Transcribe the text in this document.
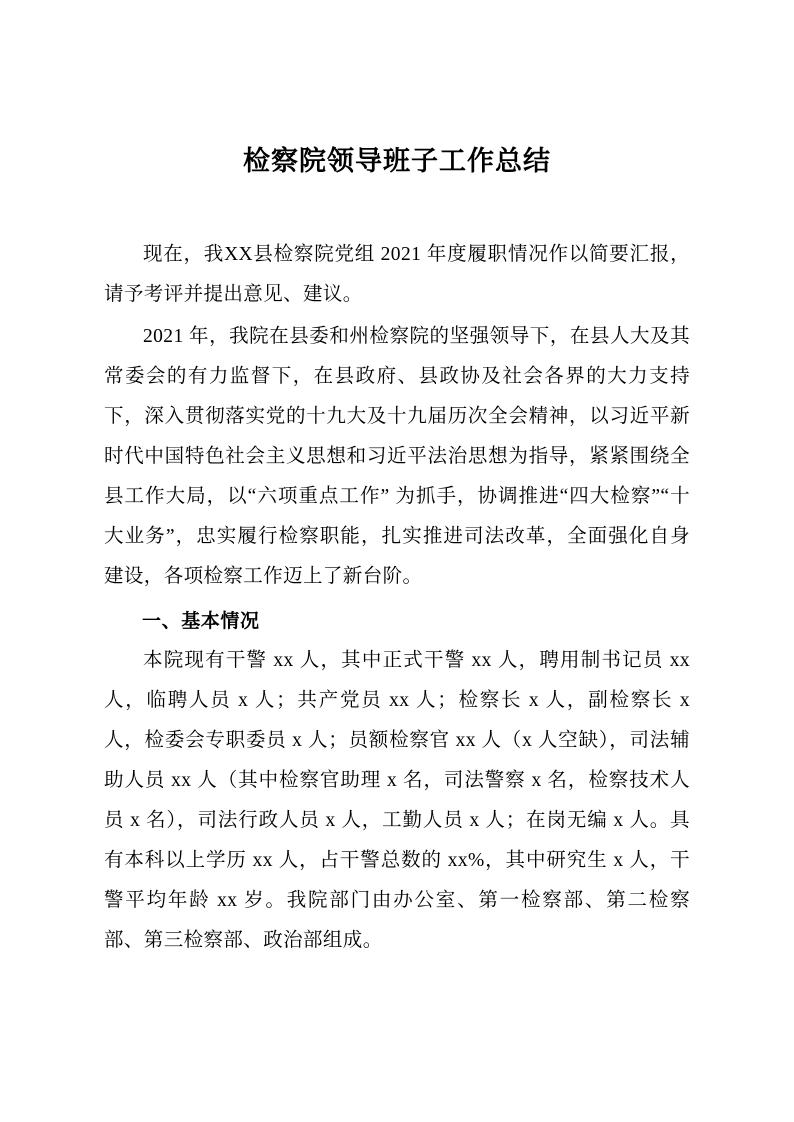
检察院领导班子工作总结

现在，我XX县检察院党组 2021 年度履职情况作以简要汇报，请予考评并提出意见、建议。

2021 年，我院在县委和州检察院的坚强领导下，在县人大及其常委会的有力监督下，在县政府、县政协及社会各界的大力支持下，深入贯彻落实党的十九大及十九届历次全会精神，以习近平新时代中国特色社会主义思想和习近平法治思想为指导，紧紧围绕全县工作大局，以“六项重点工作” 为抓手，协调推进“四大检察”“十大业务”，忠实履行检察职能，扎实推进司法改革，全面强化自身建设，各项检察工作迈上了新台阶。

一、基本情况

本院现有干警 xx 人，其中正式干警 xx 人，聘用制书记员 xx 人，临聘人员 x 人；共产党员 xx 人；检察长 x 人，副检察长 x 人，检委会专职委员 x 人；员额检察官 xx 人（x 人空缺），司法辅助人员 xx 人（其中检察官助理 x 名，司法警察 x 名，检察技术人员 x 名），司法行政人员 x 人，工勤人员 x 人；在岗无编 x 人。具有本科以上学历 xx 人，占干警总数的 xx%，其中研究生 x 人，干警平均年龄 xx 岁。我院部门由办公室、第一检察部、第二检察部、第三检察部、政治部组成。
